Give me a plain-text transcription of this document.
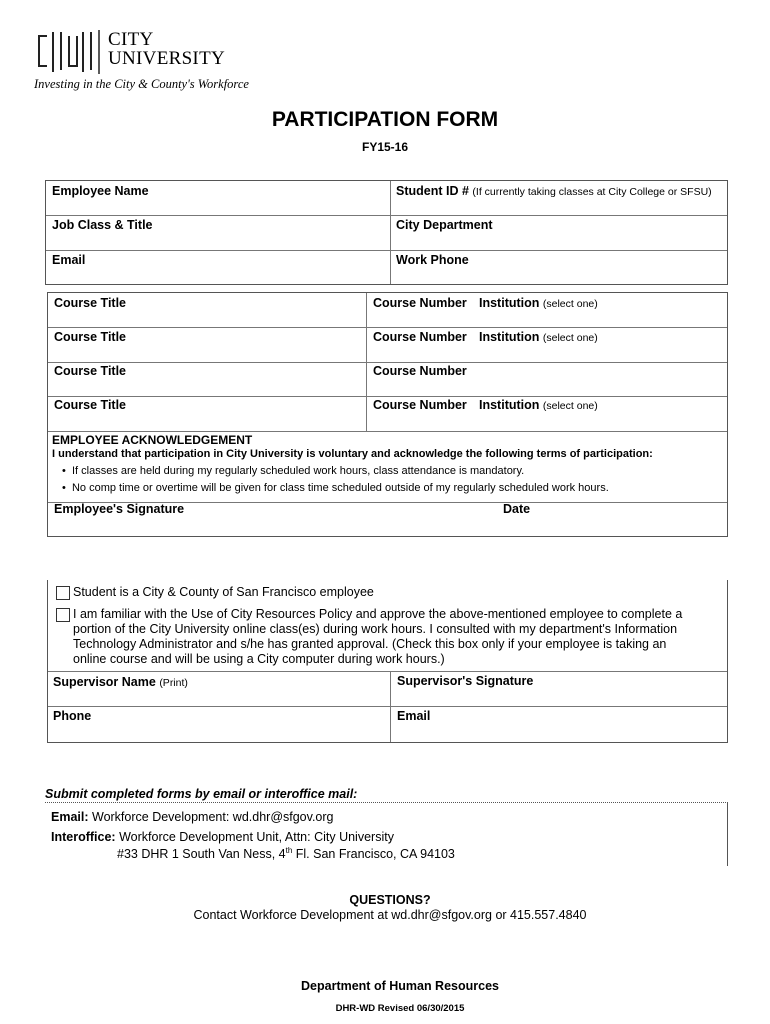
CITY
UNIVERSITY
Investing in the City & County's Workforce
PARTICIPATION FORM
FY15-16
Employee Name	Student ID # (If currently taking classes at City College or SFSU)
Job Class & Title	City Department
Email	Work Phone
Course Title	Course Number Institution (select one)
Course Title	Course Number Institution (select one)
Course Title	Course Number
Course Title	Course Number Institution (select one)
EMPLOYEE ACKNOWLEDGEMENT
I understand that participation in City University is voluntary and acknowledge the following terms of participation:
•  If classes are held during my regularly scheduled work hours, class attendance is mandatory.
•  No comp time or overtime will be given for class time scheduled outside of my regularly scheduled work hours.
Employee's Signature	Date
Student is a City & County of San Francisco employee
I am familiar with the Use of City Resources Policy and approve the above-mentioned employee to complete a
portion of the City University online class(es) during work hours. I consulted with my department's Information
Technology Administrator and s/he has granted approval. (Check this box only if your employee is taking an
online course and will be using a City computer during work hours.)
Supervisor Name (Print)	Supervisor's Signature
Phone	Email
Submit completed forms by email or interoffice mail:
Email: Workforce Development: wd.dhr@sfgov.org
Interoffice: Workforce Development Unit, Attn: City University
#33 DHR 1 South Van Ness, 4th Fl. San Francisco, CA 94103
QUESTIONS?
Contact Workforce Development at wd.dhr@sfgov.org or 415.557.4840
Department of Human Resources
DHR-WD Revised 06/30/2015
